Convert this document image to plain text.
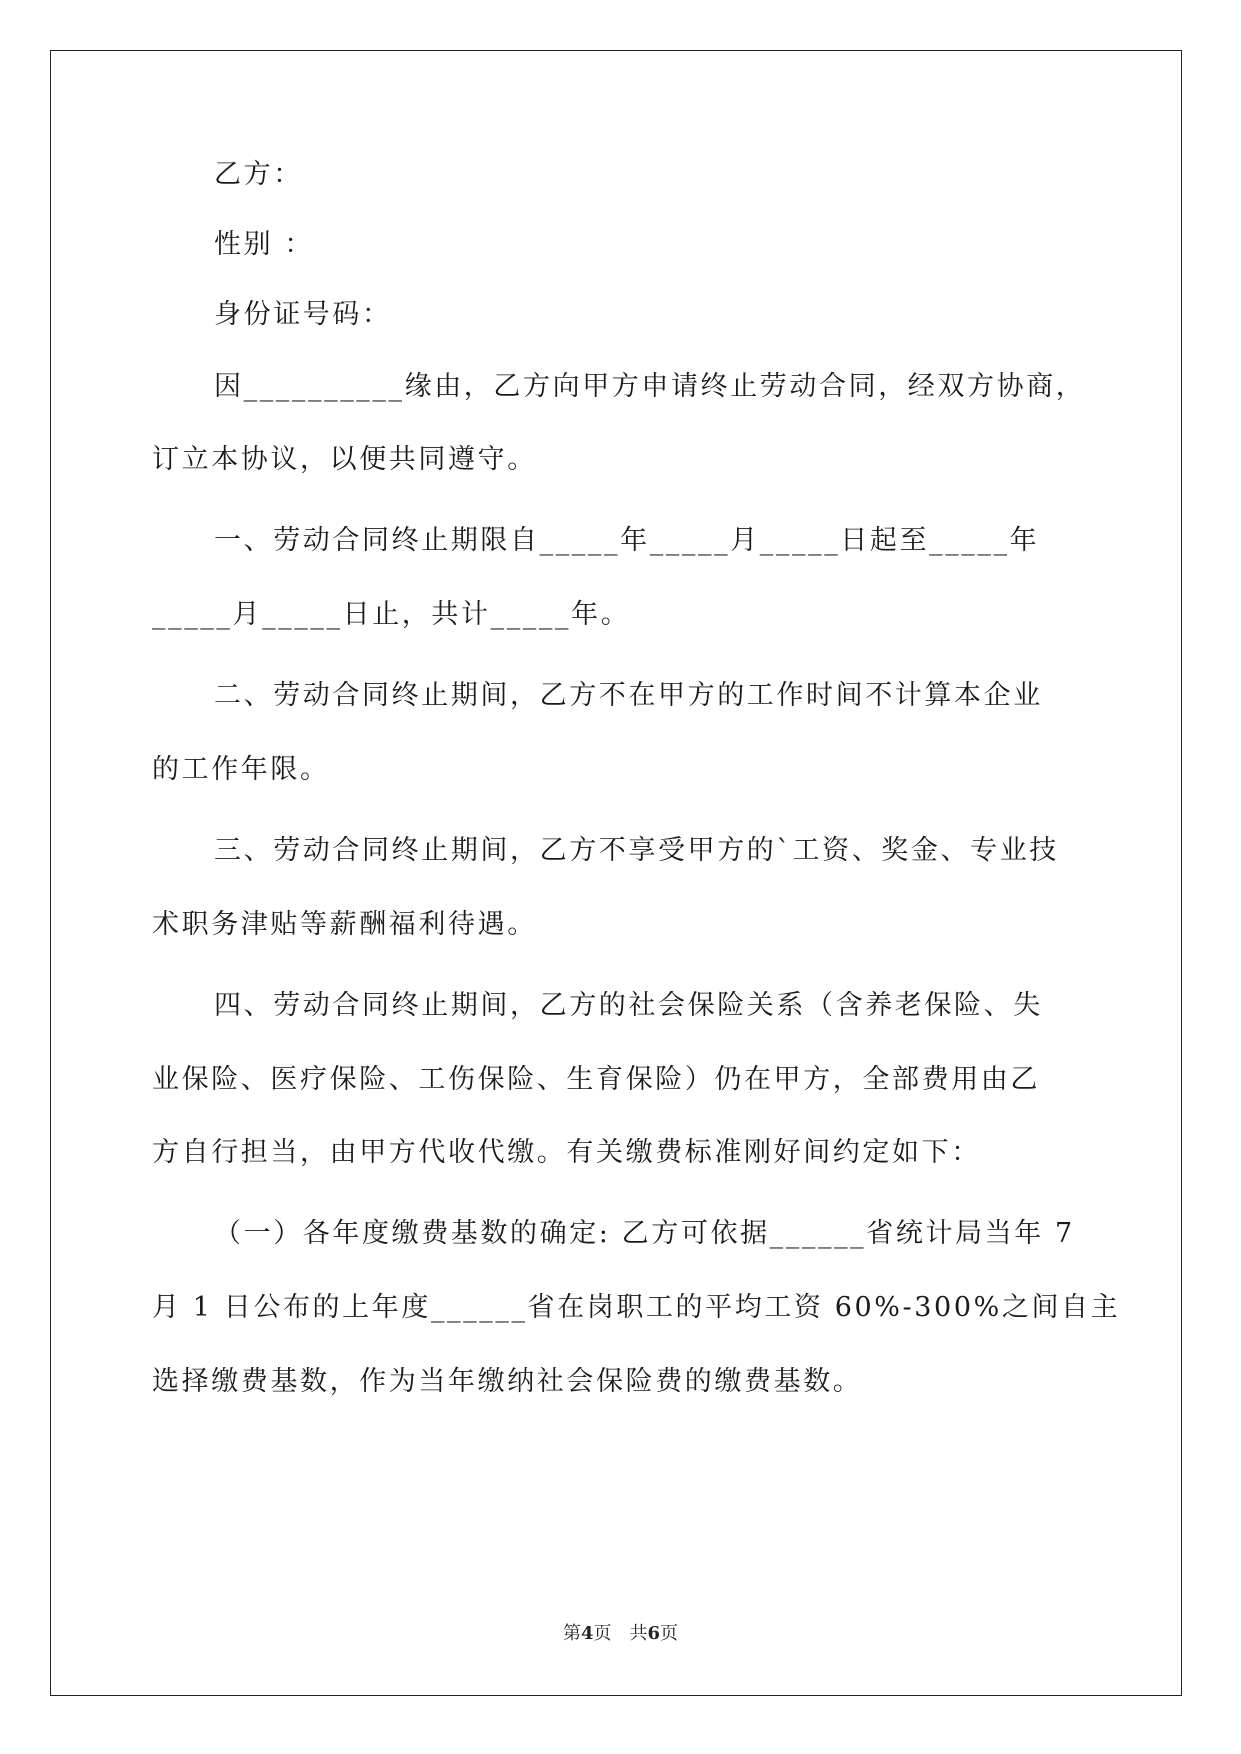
乙方：
性别 ：
身份证号码：
因__________缘由，乙方向甲方申请终止劳动合同，经双方协商，
订立本协议，以便共同遵守。
一、劳动合同终止期限自_____年_____月_____日起至_____年
_____月_____日止，共计_____年。
二、劳动合同终止期间，乙方不在甲方的工作时间不计算本企业
的工作年限。
三、劳动合同终止期间，乙方不享受甲方的`工资、奖金、专业技
术职务津贴等薪酬福利待遇。
四、劳动合同终止期间，乙方的社会保险关系（含养老保险、失
业保险、医疗保险、工伤保险、生育保险）仍在甲方，全部费用由乙
方自行担当，由甲方代收代缴。有关缴费标准刚好间约定如下：
（一）各年度缴费基数的确定: 乙方可依据______省统计局当年 7
月 1 日公布的上年度______省在岗职工的平均工资 60%-300%之间自主
选择缴费基数，作为当年缴纳社会保险费的缴费基数。
第4页　共6页
